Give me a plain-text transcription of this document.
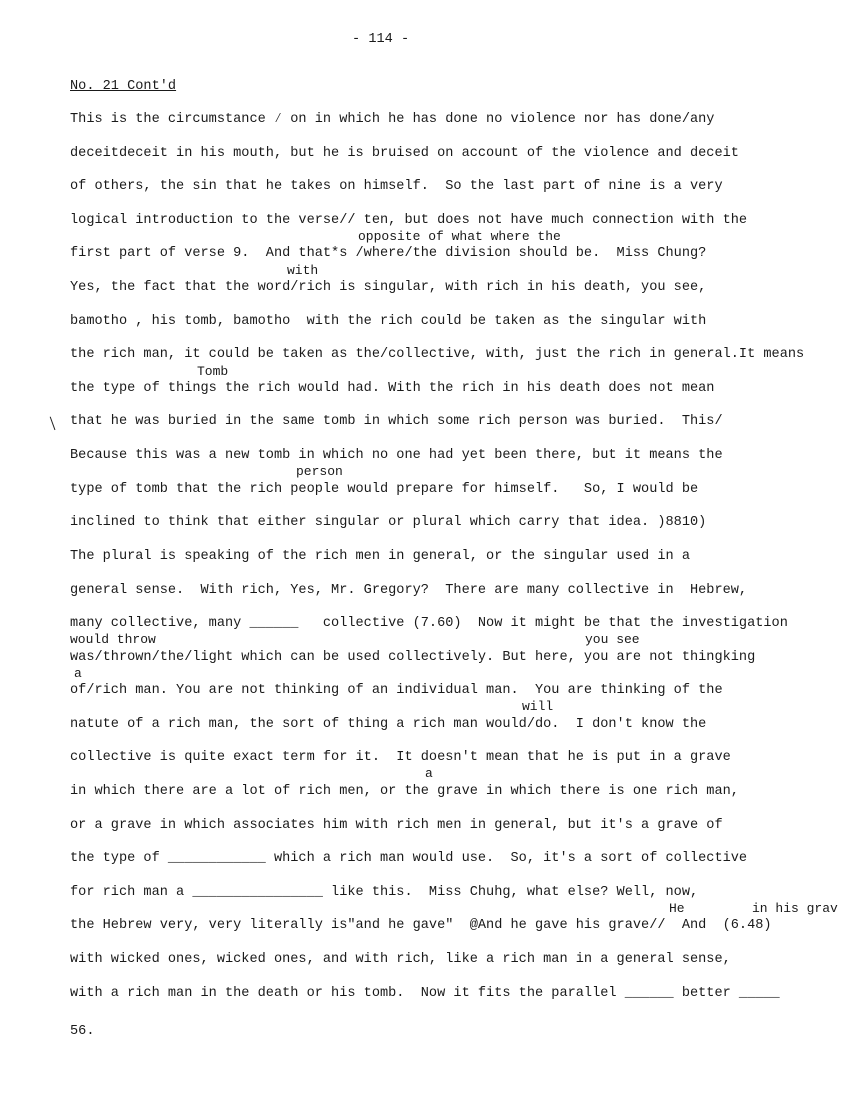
- 114 -
No. 21 Cont'd
This is the circumstance ∕ on in which he has done no violence nor has done/any
deceitdeceit in his mouth, but he is bruised on account of the violence and deceit
of others, the sin that he takes on himself.  So the last part of nine is a very
logical introduction to the verse// ten, but does not have much connection with the
opposite of what where the
first part of verse 9.  And that*s /where/the division should be.  Miss Chung?
with
Yes, the fact that the word/rich is singular, with rich in his death, you see,
bamotho , his tomb, bamotho  with the rich could be taken as the singular with
the rich man, it could be taken as the/collective, with, just the rich in general.It means
Tomb
the type of things the rich would had. With the rich in his death does not mean
that he was buried in the same tomb in which some rich person was buried.  This/
Because this was a new tomb in which no one had yet been there, but it means the
person
type of tomb that the rich people would prepare for himself.   So, I would be
inclined to think that either singular or plural which carry that idea. )8810)
The plural is speaking of the rich men in general, or the singular used in a
general sense.  With rich, Yes, Mr. Gregory?  There are many collective in  Hebrew,
many collective, many ______   collective (7.60)  Now it might be that the investigation
would throw	you see
was/thrown/the/light which can be used collectively. But here, you are not thingking
a
of/rich man. You are not thinking of an individual man.  You are thinking of the
will
natute of a rich man, the sort of thing a rich man would/do.  I don't know the
collective is quite exact term for it.  It doesn't mean that he is put in a grave
a
in which there are a lot of rich men, or the grave in which there is one rich man,
or a grave in which associates him with rich men in general, but it's a grave of
the type of ____________ which a rich man would use.  So, it's a sort of collective
for rich man a ________________ like this.  Miss Chuhg, what else? Well, now,
He	in his grav
the Hebrew very, very literally is"and he gave"  @And he gave his grave//  And  (6.48)
with wicked ones, wicked ones, and with rich, like a rich man in a general sense,
with a rich man in the death or his tomb.  Now it fits the parallel ______ better _____
56.
